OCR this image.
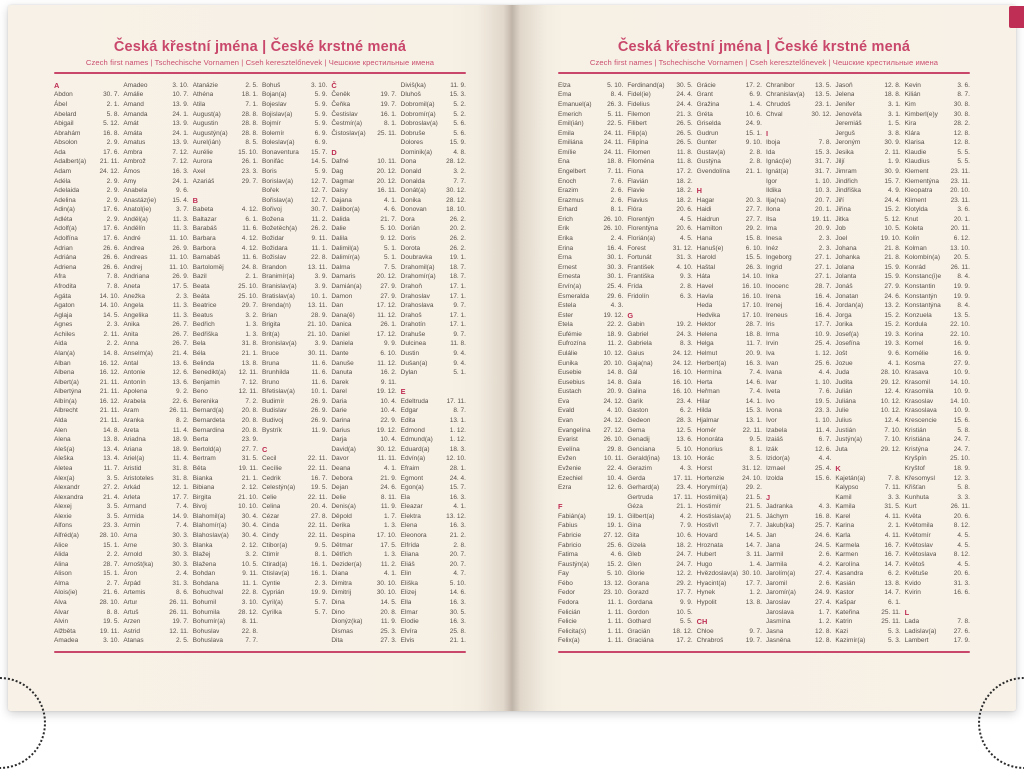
Česká křestní jména | České krstné mená
Czech first names | Tschechische Vornamen | Cseh keresztelőnevek | Чешские крестильные имена
A
Abdon	30. 7.
Ábel	2. 1.
Abelard	5. 8.
Abigail	5. 12.
Abrahám	16. 8.
Absolon	2. 9.
Ada	17. 6.
Adalbert(a) 21. 11.
Adam	24. 12.
Adéla	2. 9.
Adelaida	2. 9.
Adelina	2. 9.
Adin(a)	17. 6.
Adléta	2. 9.
Adolf(a)	17. 6.
Adolfína	17. 6.
Adrian	26. 6.
Adriána	26. 6.
Adriena	26. 6.
Afra	7. 8.
Afrodita	7. 8.
Agáta	14. 10.
Agaton	14. 10.
Aglaja	14. 5.
Agnes	2. 3.
Achiles	2. 11.
Aida	2. 2.
Alan(a)	14. 8.
Alban	16. 12.
Albena	16. 12.
Albert(a)	21. 11.
Albertýna	21. 11.
Albín(a)	16. 12.
Albrecht	21. 11.
Alda	21. 11.
Alen	14. 8.
Alena	13. 8.
Aleš(a)	13. 4.
Aleška	13. 4.
Aletea	11. 7.
Alex(a)	3. 5.
Alexandr	27. 2.
Alexandra	21. 4.
Alexej	3. 5.
Alexie	3. 5.
Alfons	23. 3.
Alfréd(a)	28. 10.
Alice	15. 1.
Alida	2. 2.
Alina	28. 7.
Alison	15. 1.
Alma	2. 7.
Alois(ie)	21. 6.
Alva	28. 10.
Alvar	8. 8.
Alvin	19. 5.
Alžběta	19. 11.
Amadea	3. 10.
Amadeo	3. 10.
Amálie	10. 7.
Amand	13. 9.
Amanda	24. 1.
Amát	13. 9.
Amáta	24. 1.
Amatus	13. 9.
Ambra	7. 12.
Ambrož	7. 12.
Ámos	16. 3.
Amy	24. 1.
Anabela	9. 6.
Anastáz(ie) 15. 4.
Anatol(ie)	3. 7.
Anděl(a)	11. 3.
Andělín	11. 3.
André	11. 10.
Andrea	26. 9.
Andreas	11. 10.
Andrej	11. 10.
Andriana	26. 9.
Aneta	17. 5.
Anežka	2. 3.
Angela	11. 3.
Angelika	11. 3.
Anika	26. 7.
Anita	26. 7.
Anna	26. 7.
Anselm(a)	21. 4.
Antal	13. 6.
Antonie	12. 6.
Antonín	13. 6.
Apolena	9. 2.
Arabela	22. 6.
Aram	26. 11.
Aranka	8. 2.
Areta	11. 4.
Ariadna	18. 9.
Ariana	18. 9.
Ariel(a)	11. 4.
Aristid	31. 8.
Aristoteles	31. 8.
Arkád	12. 1.
Arleta	17. 7.
Armand	7. 4.
Armida	14. 9.
Armin	7. 4.
Arna	30. 3.
Arne	30. 3.
Arnold	30. 3.
Arnošt(ka)	30. 3.
Áron	2. 4.
Árpád	31. 3.
Artemis	8. 6.
Artur	26. 11.
Artuš	26. 11.
Arzen	19. 7.
Astrid	12. 11.
Atanas	2. 5.
Atanázie	2. 5.
Athéna	18. 1.
Atila	7. 1.
August(a)	28. 8.
Augustin	28. 8.
Augustýn(a) 28. 8.
Aurel(ián)	8. 5.
Aurélie	15. 10.
Aurora	26. 1.
Axel	23. 3.
Azariáš	29. 7.
B
Babeta	4. 12.
Baltazar	6. 1.
Barabáš	11. 6.
Barbara	4. 12.
Barbora	4. 12.
Barnabáš	11. 6.
Bartoloměj	24. 8.
Bazil	2. 1.
Beata	25. 10.
Beáta	25. 10.
Beatrice	29. 7.
Beatus	3. 2.
Bedřich	1. 3.
Bedřiška	1. 3.
Bela	31. 8.
Béla	21. 1.
Belinda	13. 8.
Benedikt(a) 12. 11.
Benjamin	7. 12.
Beno	12. 11.
Berenika	7. 2.
Bernard(a)	20. 8.
Bernardeta	20. 8.
Bernardina	20. 8.
Berta	23. 9.
Bertold(a)	27. 7.
Bertram	31. 5.
Běta	19. 11.
Bianka	21. 1.
Bibiana	2. 12.
Birgita	21. 10.
Bivoj	10. 10.
Blahomil(a) 30. 4.
Blahomír(a) 30. 4.
Blahoslav(a) 30. 4.
Blanka	2. 12.
Blažej	3. 2.
Blažena	10. 5.
Bohdan	9. 11.
Bohdana	11. 1.
Bohuchval	22. 8.
Bohumil	3. 10.
Bohumila	28. 12.
Bohumír(a)	8. 11.
Bohuslav	22. 8.
Bohuslava	7. 7.
Bohuš	3. 10.
Bojan(a)	5. 9.
Bojeslav	5. 9.
Bojislav(a)	5. 9.
Bojmír	5. 9.
Bolemír	6. 9.
Boleslav(a)	6. 9.
Bonaventura 15. 7.
Bonifác	14. 5.
Boris	5. 9.
Borislav(a)	12. 7.
Bořek	12. 7.
Bořislav(a)	12. 7.
Bořivoj	30. 7.
Božena	11. 2.
Božetěch(a) 26. 2.
Božidar	9. 11.
Božidara	11. 1.
Božislav	22. 8.
Brandon	13. 11.
Branimír(a)	3. 9.
Branislav(a)	3. 9.
Bratislav(a) 10. 1.
Brenda(n)	13. 11.
Brian	28. 9.
Brigita	21. 10.
Brit(a)	21. 10.
Bronislav(a)	3. 9.
Bruce	30. 11.
Bruna	11. 6.
Brunhilda	11. 6.
Bruno	11. 6.
Břetislav(a) 10. 1.
Budimír	26. 9.
Budislav	26. 9.
Budivoj	26. 9.
Bystrík	11. 9.
C
Cecil	22. 11.
Cecílie	22. 11.
Cedrik	16. 7.
Celestýn(a) 19. 5.
Celie	22. 11.
Celina	20. 4.
Cézar	27. 8.
Cinda	22. 11.
Cindy	22. 11.
Ctibor(a)	9. 5.
Ctimír	8. 1.
Ctirad(a)	16. 1.
Ctislav(a)	16. 1.
Cyntie	2. 3.
Cyprián	19. 9.
Cyril(a)	5. 7.
Cyrilka	5. 7.
Č
Čeněk	19. 7.
Čeňka	19. 7.
Čestislav	16. 1.
Čestmír(a)	8. 1.
Čistoslav(a) 25. 11.
D
Dafné	10. 11.
Dag	20. 12.
Dagmar	20. 12.
Daisy	16. 11.
Dajana	4. 1.
Dalibor(a)	4. 6.
Dalida	21. 7.
Dalie	5. 10.
Dalila	9. 12.
Dalimil(a)	5. 1.
Dalimír(a)	5. 1.
Dalma	7. 5.
Damaris	20. 12.
Damián(a)	27. 9.
Damon	27. 9.
Dan	17. 12.
Dana(ě)	11. 12.
Danica	26. 1.
Daniel	17. 12.
Daniela	9. 9.
Dante	6. 10.
Danuše	11. 12.
Danuta	16. 2.
Darek	9. 11.
Darel	19. 12.
Daria	10. 4.
Darie	10. 4.
Darina	22. 9.
Darius	19. 12.
Darja	10. 4.
David(a)	30. 12.
Davor	11. 11.
Deana	4. 1.
Debora	21. 9.
Dejan	24. 6.
Delie	8. 11.
Denis(a)	11. 9.
Děpold	1. 7.
Derika	1. 3.
Despina	17. 10.
Dětmar	17. 5.
Dětřich	1. 3.
Dezider(a)	11. 2.
Diana	4. 1.
Dimitra	30. 10.
Dimitrij	30. 10.
Dina	14. 5.
Dino	20. 8.
Dionýz(ka)	11. 9.
Dismas	25. 3.
Dita	27. 3.
Diviš(ka)	11. 9.
Dluhoš	15. 3.
Dobromil(a)	5. 2.
Dobromír(a)	5. 2.
Dobroslav(a) 5. 6.
Dobruše	5. 6.
Dolores	15. 9.
Dominik(a)	4. 8.
Dona	28. 12.
Donald	3. 2.
Donalda	7. 7.
Donát(a)	30. 12.
Donika	28. 12.
Donovan	18. 10.
Dora	26. 2.
Dorián	20. 2.
Doris	26. 2.
Dorota	26. 2.
Doubravka	19. 1.
Drahomil(a) 18. 7.
Drahomír(a) 18. 7.
Drahoň	17. 1.
Drahoslav	17. 1.
Drahoslava	9. 7.
Drahoš	17. 1.
Drahotín	17. 1.
Drahuše	9. 7.
Dulcinea	11. 8.
Dustin	9. 4.
Dušan(a)	9. 4.
Dylan	5. 1.
E
Edeltruda	17. 11.
Edgar	8. 7.
Edita	13. 1.
Edmond	1. 12.
Edmund(a)	1. 12.
Eduard(a)	18. 3.
Edvín(a)	12. 10.
Efraim	28. 1.
Egmont	24. 4.
Egon(a)	15. 7.
Ela	16. 3.
Eleazar	4. 1.
Elektra	13. 12.
Elena	16. 3.
Eleonora	21. 2.
Elfrída	2. 8.
Eliana	20. 7.
Eliáš	20. 7.
Elin	4. 7.
Eliška	5. 10.
Elizej	14. 6.
Ella	16. 3.
Elmar	30. 5.
Elodie	16. 3.
Elvíra	25. 8.
Elvis	21. 1.
Česká křestní jména | České krstné mená
Czech first names | Tschechische Vornamen | Cseh keresztelőnevek | Чешские крестильные имена
Elza	5. 10.
Ema	8. 4.
Emanuel(a) 26. 3.
Emerich	5. 11.
Emil(ián)	22. 5.
Emila	24. 11.
Emiliána	24. 11.
Emílie	24. 11.
Ena	18. 8.
Engelbert	7. 11.
Enoch	7. 6.
Erazim	2. 6.
Erazmus	2. 6.
Erhard	8. 1.
Erich	26. 10.
Erik	26. 10.
Erika	2. 4.
Erina	16. 4.
Erna	30. 1.
Ernest	30. 3.
Ernesta	30. 1.
Ervín(a)	25. 4.
Esmeralda	29. 6.
Estela	4. 3.
Ester	19. 12.
Etela	22. 2.
Eufémie	18. 9.
Eufrozína	11. 2.
Eulálie	10. 12.
Eunika	20. 10.
Eusebie	14. 8.
Eusebius	14. 8.
Eustach	20. 9.
Eva	24. 12.
Evald	4. 10.
Evan	24. 12.
Evangelína 27. 12.
Evarist	26. 10.
Evelína	29. 8.
Evžen	10. 11.
Evženie	22. 4.
Ezechiel	10. 4.
Ezra	12. 6.
F
Fabián(a)	19. 1.
Fabius	19. 1.
Fabricie	27. 12.
Fabricio	25. 6.
Fatima	4. 6.
Faustýn(a)	15. 2.
Fay	5. 10.
Fébo	13. 12.
Fedor	23. 10.
Fedora	11. 1.
Felicián	1. 11.
Felicie	1. 11.
Felicita(s)	1. 11.
Felix(a)	1. 11.
Ferdinand(a) 30. 5.
Fidel(ie)	24. 4.
Fidelius	24. 4.
Filemon	21. 3.
Filibert	26. 5.
Filip(a)	26. 5.
Filipína	26. 5.
Filomen	11. 8.
Filoména	11. 8.
Fiona	17. 2.
Flavián	18. 2.
Flavie	18. 2.
Flavius	18. 2.
Flóra	20. 6.
Florentýn	4. 5.
Florentýna	20. 6.
Florián(a)	4. 5.
Forest	31. 12.
Fortunát	31. 3.
František	4. 10.
Františka	9. 3.
Frída	2. 8.
Fridolín	6. 3.
G
Gabin	19. 2.
Gabriel	24. 3.
Gabriela	8. 3.
Gaius	24. 12.
Gaja(na)	24. 12.
Gál	16. 10.
Gala	16. 10.
Galina	16. 10.
Garik	23. 4.
Gaston	6. 2.
Gedeon	28. 3.
Gema	12. 5.
Genadij	13. 6.
Genciana	5. 10.
Gerald(ina) 13. 10.
Gerazim	4. 3.
Gerda	17. 11.
Gerhard(a)	23. 4.
Gertruda	17. 11.
Géza	21. 1.
Gilbert(a)	4. 2.
Gina	7. 9.
Gita	10. 6.
Gizela	18. 2.
Gleb	24. 7.
Glen	24. 7.
Glorie	12. 2.
Gorana	29. 2.
Gorazd	17. 7.
Gordana	9. 9.
Gordon	10. 5.
Gothard	5. 5.
Gracián	18. 12.
Graciána	17. 2.
Grácie	17. 2.
Grant	6. 9.
Gražina	1. 4.
Gréta	10. 6.
Griselda	24. 9.
Gudrun	15. 1.
Gunter	9. 10.
Gustav(a)	2. 8.
Gustýna	2. 8.
Gvendolína 21. 1.
H
Hagar	20. 3.
Haidi	27. 7.
Haidrun	27. 7.
Hamilton	29. 2.
Hana	15. 8.
Hanuš(e)	6. 10.
Harold	15. 5.
Haštal	26. 3.
Háta	14. 10.
Havel	16. 10.
Havla	16. 10.
Heda	17. 10.
Hedvika	17. 10.
Hektor	28. 7.
Helena	18. 8.
Helga	11. 7.
Helmut	20. 9.
Herbert(a)	16. 3.
Hermína	7. 4.
Herta	14. 6.
Heřman	7. 4.
Hilar	14. 1.
Hilda	15. 3.
Hjalmar	13. 1.
Homér	22. 11.
Honoráta	9. 5.
Honorius	8. 1.
Horác	3. 5.
Horst	31. 12.
Hortenzie	24. 10.
Horymír(a)	29. 2.
Hostimil(a)	21. 5.
Hostimír	21. 5.
Hostislav(a) 21. 5.
Hostivít	7. 7.
Hovard	14. 5.
Hroznata	14. 7.
Hubert	3. 11.
Hugo	1. 4.
Hvězdoslav(a) 30. 10.
Hyacint(a)	17. 7.
Hynek	1. 2.
Hypolit	13. 8.
CH
Chloe	9. 7.
Chrabroš	19. 7.
Chranibor	13. 5.
Chranislav(a) 13. 5.
Chrudoš	23. 1.
Chval	30. 12.
I
Iboja	7. 8.
Ida	15. 3.
Ignác(ie)	31. 7.
Ignát(a)	31. 7.
Igor	1. 10.
Ildika	10. 3.
Ilja(na)	20. 7.
Ilona	20. 1.
Ilsa	19. 11.
Ima	20. 9.
Inesa	2. 3.
Inéz	2. 3.
Ingeborg	27. 1.
Ingrid	27. 1.
Inka	27. 1.
Inocenc	28. 7.
Irena	16. 4.
Irenej	16. 4.
Ireneus	16. 4.
Iris	17. 7.
Irma	10. 9.
Irvin	25. 4.
Iva	1. 12.
Ivan	25. 6.
Ivana	4. 4.
Ivar	1. 10.
Iveta	7. 6.
Ivo	19. 5.
Ivona	23. 3.
Ivor	1. 10.
Izabela	11. 4.
Izaiáš	6. 7.
Izák	12. 6.
Izidor(a)	4. 4.
Izmael	25. 4.
Izolda	15. 6.
J
Jadranka	4. 3.
Jáchym	16. 8.
Jakub(ka)	25. 7.
Jan	24. 6.
Jana	24. 5.
Jarmil	2. 6.
Jarmila	4. 2.
Jarolím(a)	27. 4.
Jaromil	2. 6.
Jaromír(a)	24. 9.
Jaroslav	27. 4.
Jaroslava	1. 7.
Jasmína	1. 2.
Jasna	12. 8.
Jasněna	12. 8.
Jasoň	12. 8.
Jelena	18. 8.
Jenifer	3. 1.
Jenovéfa	3. 1.
Jeremiáš	1. 5.
Jerguš	3. 8.
Jeroným	30. 9.
Jesika	2. 11.
Jiljí	1. 9.
Jimram	30. 9.
Jindřich	15. 7.
Jindřiška	4. 9.
Jiří	24. 4.
Jiřina	15. 2.
Jitka	5. 12.
Job	10. 5.
Joel	19. 10.
Johana	21. 8.
Johanka	21. 8.
Jolana	15. 9.
Jolanta	15. 9.
Jonáš	27. 9.
Jonatan	24. 6.
Jordan(a)	13. 2.
Jorga	15. 2.
Jorika	15. 2.
Josef(a)	19. 3.
Josefína	19. 3.
Jošt	9. 6.
Jozue	4. 1.
Juda	28. 10.
Judita	29. 12.
Julián	12. 4.
Juliána	10. 12.
Julie	10. 12.
Julius	12. 4.
Justián	7. 10.
Justýn(a)	7. 10.
Juta	29. 12.
K
Kajetán(a)	7. 8.
Kalypso	7. 11.
Kamil	3. 3.
Kamila	31. 5.
Karel	4. 11.
Karina	2. 1.
Karla	4. 11.
Karmela	16. 7.
Karmen	16. 7.
Karolína	14. 7.
Kasandra	6. 2.
Kasián	13. 8.
Kastor	14. 7.
Kašpar	6. 1.
Kateřina	25. 11.
Katrin	25. 11.
Kazi	5. 3.
Kazimír(a)	5. 3.
Kevin	3. 6.
Kilián	8. 7.
Kim	30. 8.
Kimberl(e)y 30. 8.
Kira	28. 2.
Klára	12. 8.
Klarisa	12. 8.
Klaudie	5. 5.
Klaudius	5. 5.
Klement	23. 11.
Klementýna 23. 11.
Kleopatra	20. 10.
Kliment	23. 11.
Klotylda	3. 6.
Knut	20. 1.
Koleta	20. 11.
Kolín	6. 12.
Kolman	13. 10.
Kolombín(a) 20. 5.
Konrád	26. 11.
Konstanc(i)e 8. 4.
Konstantin	19. 9.
Konstantýn	19. 9.
Konstantýna	8. 4.
Konzuela	13. 5.
Kordula	22. 10.
Korina	22. 10.
Kornel	16. 9.
Kornélie	16. 9.
Kosma	27. 9.
Krasava	10. 9.
Krasomil	14. 10.
Krasomila	10. 9.
Krasoslav	14. 10.
Krasoslava	10. 9.
Krescencie	15. 6.
Kristián	5. 8.
Kristiána	24. 7.
Kristýna	24. 7.
Kryšpín	25. 10.
Kryštof	18. 9.
Křesomysl	12. 3.
Křišťan	5. 8.
Kunhuta	3. 3.
Kurt	26. 11.
Květa	20. 6.
Květomila	8. 12.
Květomír	4. 5.
Květoslav	4. 5.
Květoslava	8. 12.
Květoš	4. 5.
Květuše	20. 6.
Kvido	31. 3.
Kvirin	16. 6.
L
Lada	7. 8.
Ladislav(a)	27. 6.
Lambert	17. 9.
